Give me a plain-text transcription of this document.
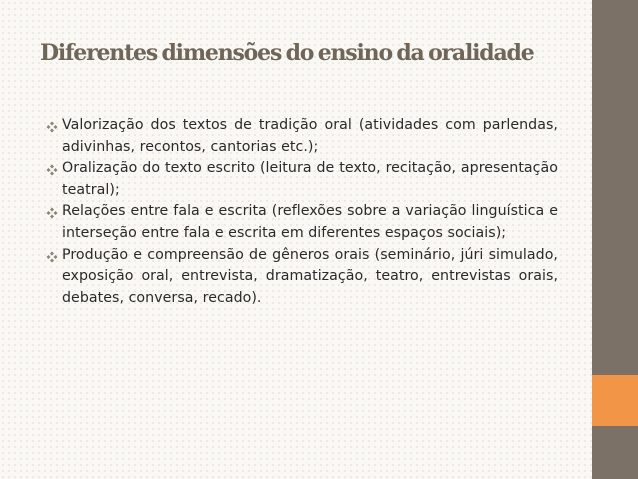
Diferentes dimensões do ensino da oralidade
Valorização dos textos de tradição oral (atividades com parlendas, adivinhas, recontos, cantorias etc.);
Oralização do texto escrito (leitura de texto, recitação, apresentação teatral);
Relações entre fala e escrita (reflexões sobre a variação linguística e interseção entre fala e escrita em diferentes espaços sociais);
Produção e compreensão de gêneros orais (seminário, júri simulado, exposição oral, entrevista, dramatização, teatro, entrevistas orais, debates, conversa, recado).
